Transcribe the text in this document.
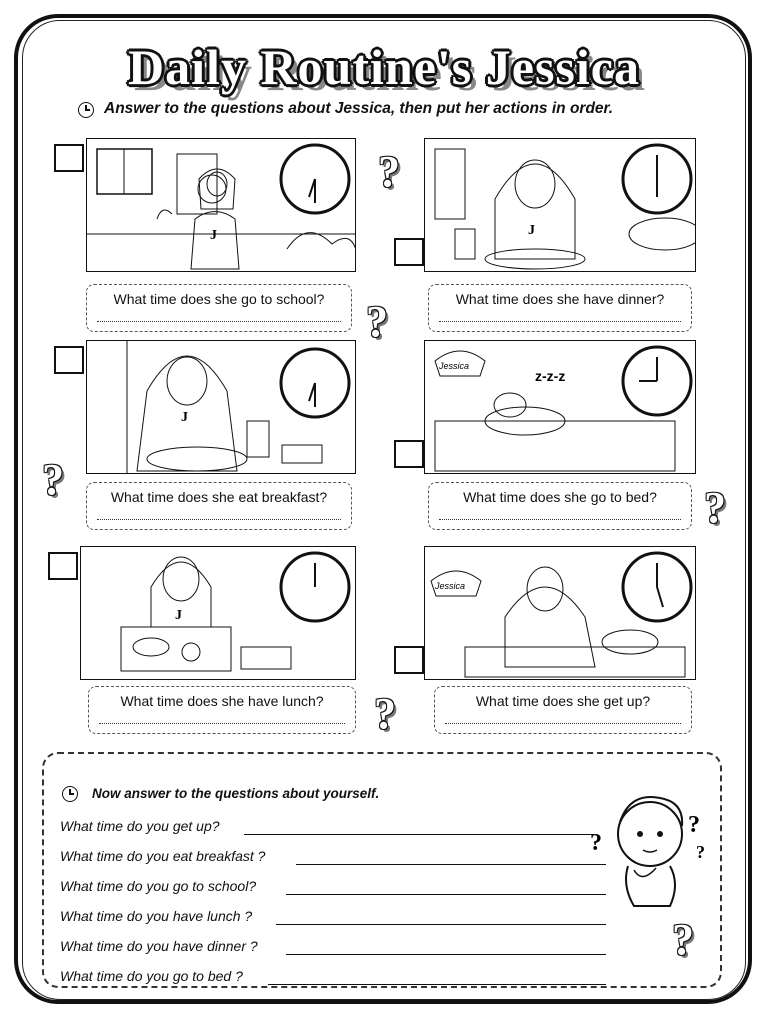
Daily Routine's Jessica
Answer to the questions about Jessica, then put her actions in order.
J
What time does she go to school?
J
What time does she have dinner?
J
What time does she eat breakfast?
Jessica
z-z-z
What time does she go to bed?
J
What time does she have lunch?
Jessica
What time does she get up?
?
?
?
?
?
?
Now answer to the questions about yourself.
What time do you get up?
What time do you eat breakfast ?
What time do you go to school?
What time do you have lunch ?
What time do you have dinner ?
What time do you go to bed ?
?
?
?
